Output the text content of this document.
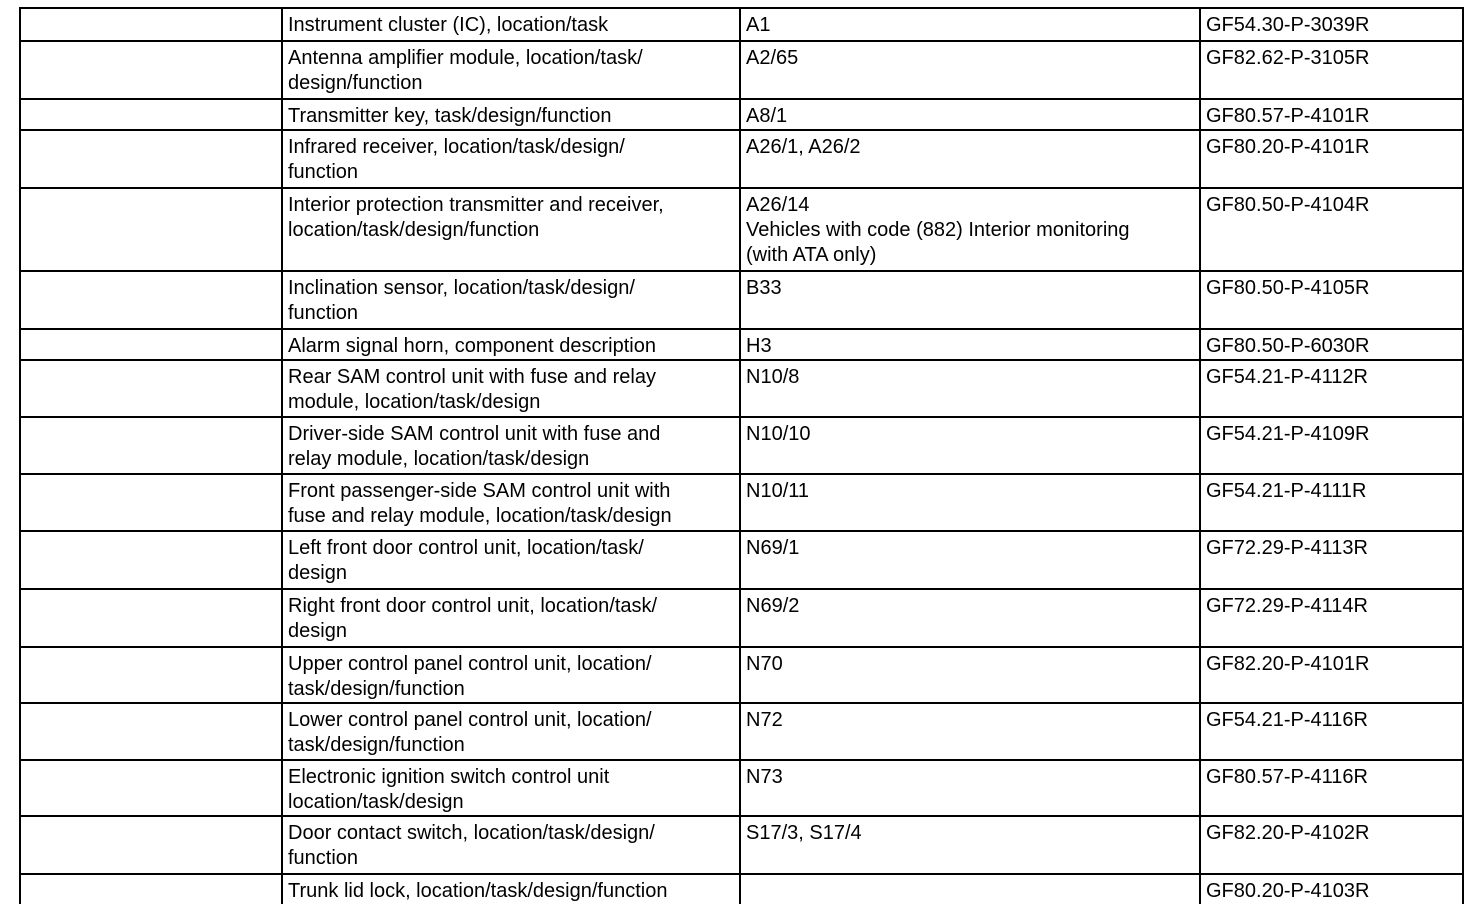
	Instrument cluster (IC), location/task	A1	GF54.30-P-3039R
	Antenna amplifier module, location/task/
design/function	A2/65	GF82.62-P-3105R
	Transmitter key, task/design/function	A8/1	GF80.57-P-4101R
	Infrared receiver, location/task/design/
function	A26/1, A26/2	GF80.20-P-4101R
	Interior protection transmitter and receiver,
location/task/design/function	A26/14
Vehicles with code (882) Interior monitoring
(with ATA only)	GF80.50-P-4104R
	Inclination sensor, location/task/design/
function	B33	GF80.50-P-4105R
	Alarm signal horn, component description	H3	GF80.50-P-6030R
	Rear SAM control unit with fuse and relay
module, location/task/design	N10/8	GF54.21-P-4112R
	Driver-side SAM control unit with fuse and
relay module, location/task/design	N10/10	GF54.21-P-4109R
	Front passenger-side SAM control unit with
fuse and relay module, location/task/design	N10/11	GF54.21-P-4111R
	Left front door control unit, location/task/
design	N69/1	GF72.29-P-4113R
	Right front door control unit, location/task/
design	N69/2	GF72.29-P-4114R
	Upper control panel control unit, location/
task/design/function	N70	GF82.20-P-4101R
	Lower control panel control unit, location/
task/design/function	N72	GF54.21-P-4116R
	Electronic ignition switch control unit
location/task/design	N73	GF80.57-P-4116R
	Door contact switch, location/task/design/
function	S17/3, S17/4	GF82.20-P-4102R
	Trunk lid lock, location/task/design/function		GF80.20-P-4103R
